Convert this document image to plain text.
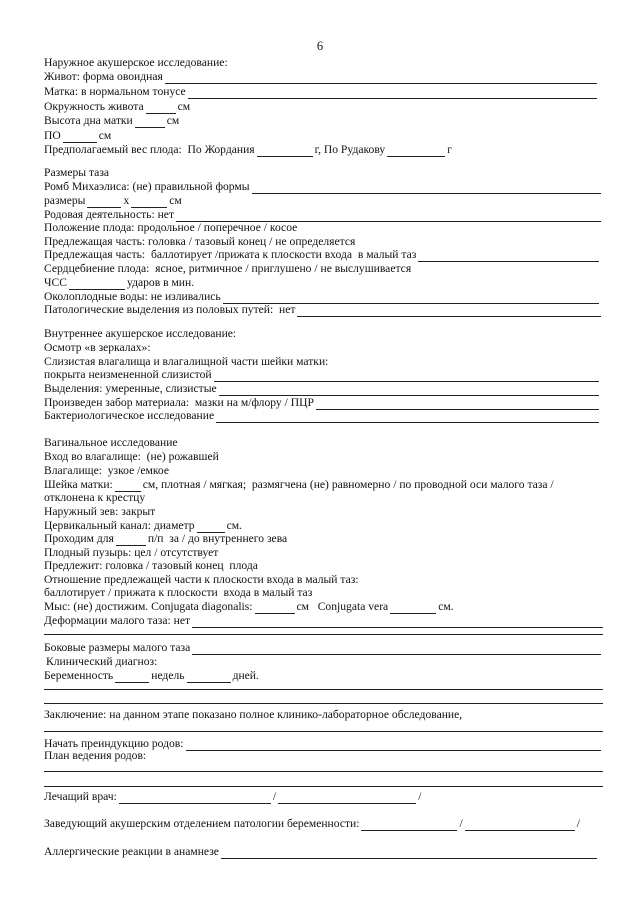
6
Наружное акушерское исследование:
Живот: форма овоидная
Матка: в нормальном тонусе
Окружность живота	см
Высота дна матки	см
ПО	см
Предполагаемый вес плода:  По Жордания	г, По Рудакову	г
Размеры таза
Ромб Михаэлиса: (не) правильной формы
размеры	х	см
Родовая деятельность: нет
Положение плода: продольное / поперечное / косое
Предлежащая часть: головка / тазовый конец / не определяется
Предлежащая часть:  баллотирует /прижата к плоскости входа  в малый таз
Сердцебиение плода:  ясное, ритмичное / приглушено / не выслушивается
ЧСС	ударов в мин.
Околоплодные воды: не изливались
Патологические выделения из половых путей:  нет
Внутреннее акушерское исследование:
Осмотр «в зеркалах»:
Слизистая влагалища и влагалищной части шейки матки:
покрыта неизмененной слизистой
Выделения: умеренные, слизистые
Произведен забор материала:  мазки на м/флору / ПЦР
Бактериологическое исследование
Вагинальное исследование
Вход во влагалище:  (не) рожавшей
Влагалище:  узкое /емкое
Шейка матки:	см, плотная / мягкая;  размягчена (не) равномерно / по проводной оси малого таза /
отклонена к крестцу
Наружный зев: закрыт
Цервикальный канал: диаметр	см.
Проходим для	п/п  за / до внутреннего зева
Плодный пузырь: цел / отсутствует
Предлежит: головка / тазовый конец  плода
Отношение предлежащей части к плоскости входа в малый таз:
баллотирует / прижата к плоскости  входа в малый таз
Мыс: (не) достижим. Conjugata diagonalis:	см   Conjugata vera	см.
Деформации малого таза: нет
Боковые размеры малого таза
Клинический диагноз:
Беременность	недель	дней.
Заключение: на данном этапе показано полное клинико-лабораторное обследование,
Начать преиндукцию родов:
План ведения родов:
Лечащий врач:	/	/
Заведующий акушерским отделением патологии беременности:	/	/
Аллергические реакции в анамнезе
